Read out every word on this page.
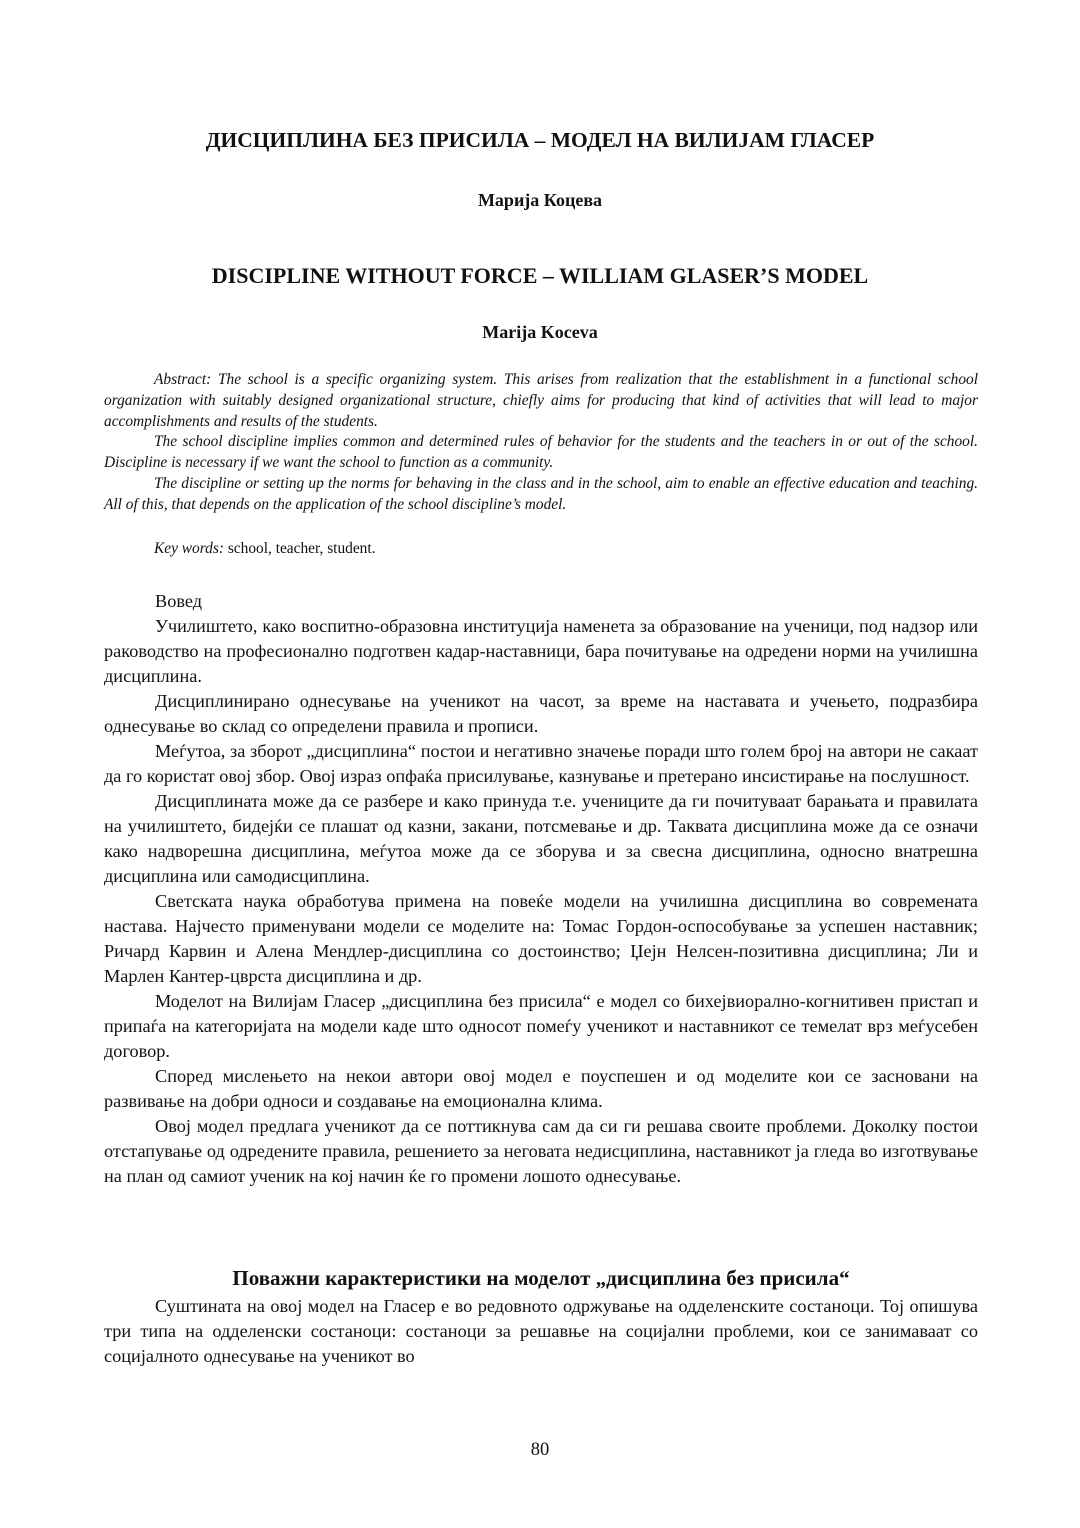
ДИСЦИПЛИНА БЕЗ ПРИСИЛА – МОДЕЛ НА ВИЛИЈАМ ГЛАСЕР
Марија Коцева
DISCIPLINE WITHOUT FORCE – WILLIAM GLASER’S MODEL
Marija Koceva

Abstract: The school is a specific organizing system. This arises from realization that the establishment in a functional school organization with suitably designed organizational structure, chiefly aims for producing that kind of activities that will lead to major accomplishments and results of the students.

The school discipline implies common and determined rules of behavior for the students and the teachers in or out of the school. Discipline is necessary if we want the school to function as a community.

The discipline or setting up the norms for behaving in the class and in the school, aim to enable an effective education and teaching. All of this, that depends on the application of the school discipline’s model.

Key words: school, teacher, student.

Вовед

Училиштето, како воспитно-образовна институција наменета за образование на ученици, под надзор или раководство на професионално подготвен кадар-наставници, бара почитување на одредени норми на училишна дисциплина.

Дисциплинирано однесување на ученикот на часот, за време на наставата и учењето, подразбира однесување во склад со определени правила и прописи.

Меѓутоа, за зборот „дисциплина“ постои и негативно значење поради што голем број на автори не сакаат да го користат овој збор. Овој израз опфаќа присилување, казнување и претерано инсистирање на послушност.

Дисциплината може да се разбере и како принуда т.е. учениците да ги почитуваат барањата и правилата на училиштето, бидејќи се плашат од казни, закани, потсмевање и др. Таквата дисциплина може да се означи како надворешна дисциплина, меѓутоа може да се зборува и за свесна дисциплина, односно внатрешна дисциплина или самодисциплина.

Светската наука обработува примена на повеќе модели на училишна дисциплина во современата настава. Најчесто применувани модели се моделите на: Томас Гордон-оспособување за успешен наставник; Ричард Карвин и Алена Мендлер-дисциплина со достоинство; Џејн Нелсен-позитивна дисциплина; Ли и Марлен Кантер-цврста дисциплина и др.

Моделот на Вилијам Гласер „дисциплина без присила“ е модел со бихејвиорално-когнитивен пристап и припаѓа на категоријата на модели каде што односот помеѓу ученикот и наставникот се темелат врз меѓусебен договор.

Според мислењето на некои автори овој модел е поуспешен и од моделите кои се засновани на развивање на добри односи и создавање на емоционална клима.

Овој модел предлага ученикот да се поттикнува сам да си ги решава своите проблеми. Доколку постои отстапување од одредените правила, решението за неговата недисциплина, наставникот ја гледа во изготвување на план од самиот ученик на кој начин ќе го промени лошото однесување.

Поважни карактеристики на моделот „дисциплина без присила“

Суштината на овој модел на Гласер е во редовното одржување на одделенските состаноци. Тој опишува три типа на одделенски состаноци: состаноци за решавње на социјални проблеми, кои се занимаваат со социјалното однесување на ученикот во

80
